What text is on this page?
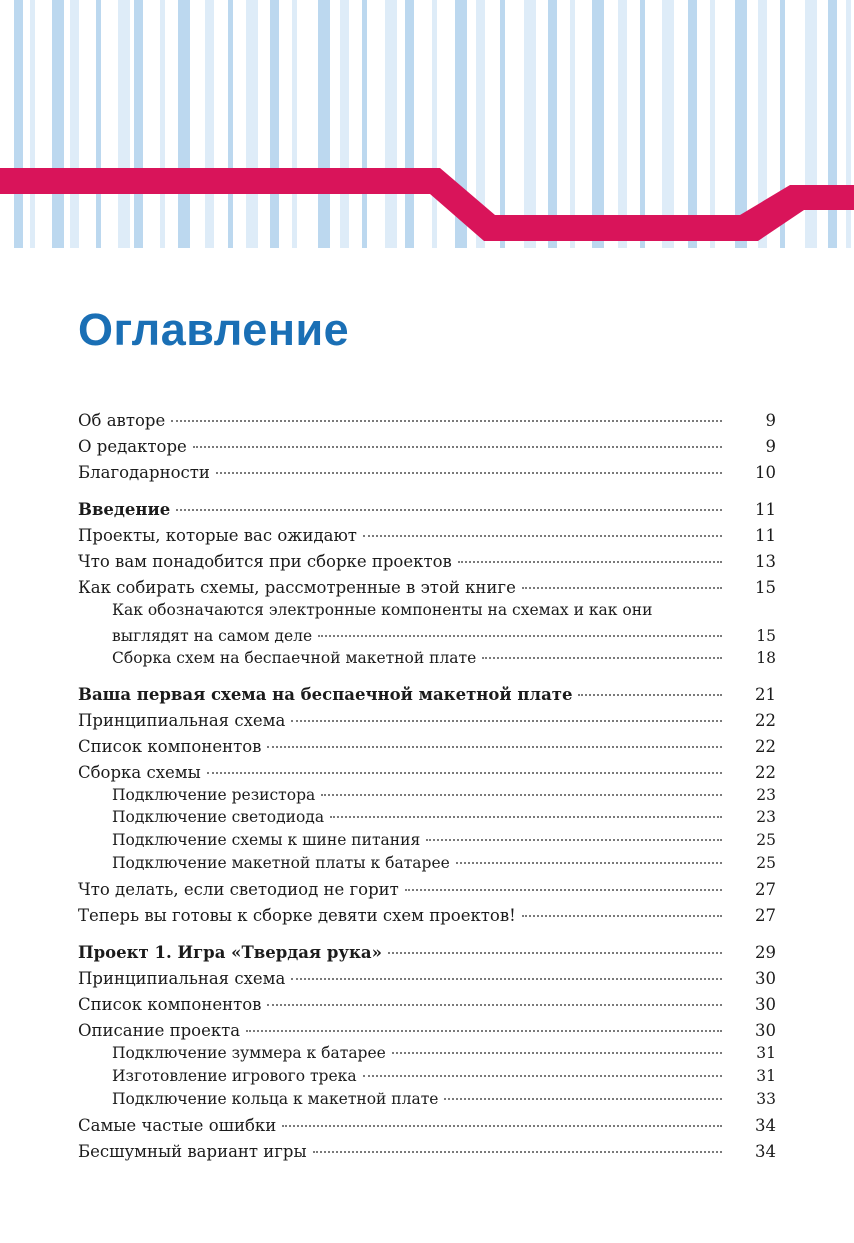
Оглавление
Об авторе	9
О редакторе	9
Благодарности	10
Введение	11
Проекты, которые вас ожидают	11
Что вам понадобится при сборке проектов	13
Как собирать схемы, рассмотренные в этой книге	15
Как обозначаются электронные компоненты на схемах и как они
выглядят на самом деле	15
Сборка схем на беспаечной макетной плате	18
Ваша первая схема на беспаечной макетной плате	21
Принципиальная схема	22
Список компонентов	22
Сборка схемы	22
Подключение резистора	23
Подключение светодиода	23
Подключение схемы к шине питания	25
Подключение макетной платы к батарее	25
Что делать, если светодиод не горит	27
Теперь вы готовы к сборке девяти схем проектов!	27
Проект 1. Игра «Твердая рука»	29
Принципиальная схема	30
Список компонентов	30
Описание проекта	30
Подключение зуммера к батарее	31
Изготовление игрового трека	31
Подключение кольца к макетной плате	33
Самые частые ошибки	34
Бесшумный вариант игры	34
